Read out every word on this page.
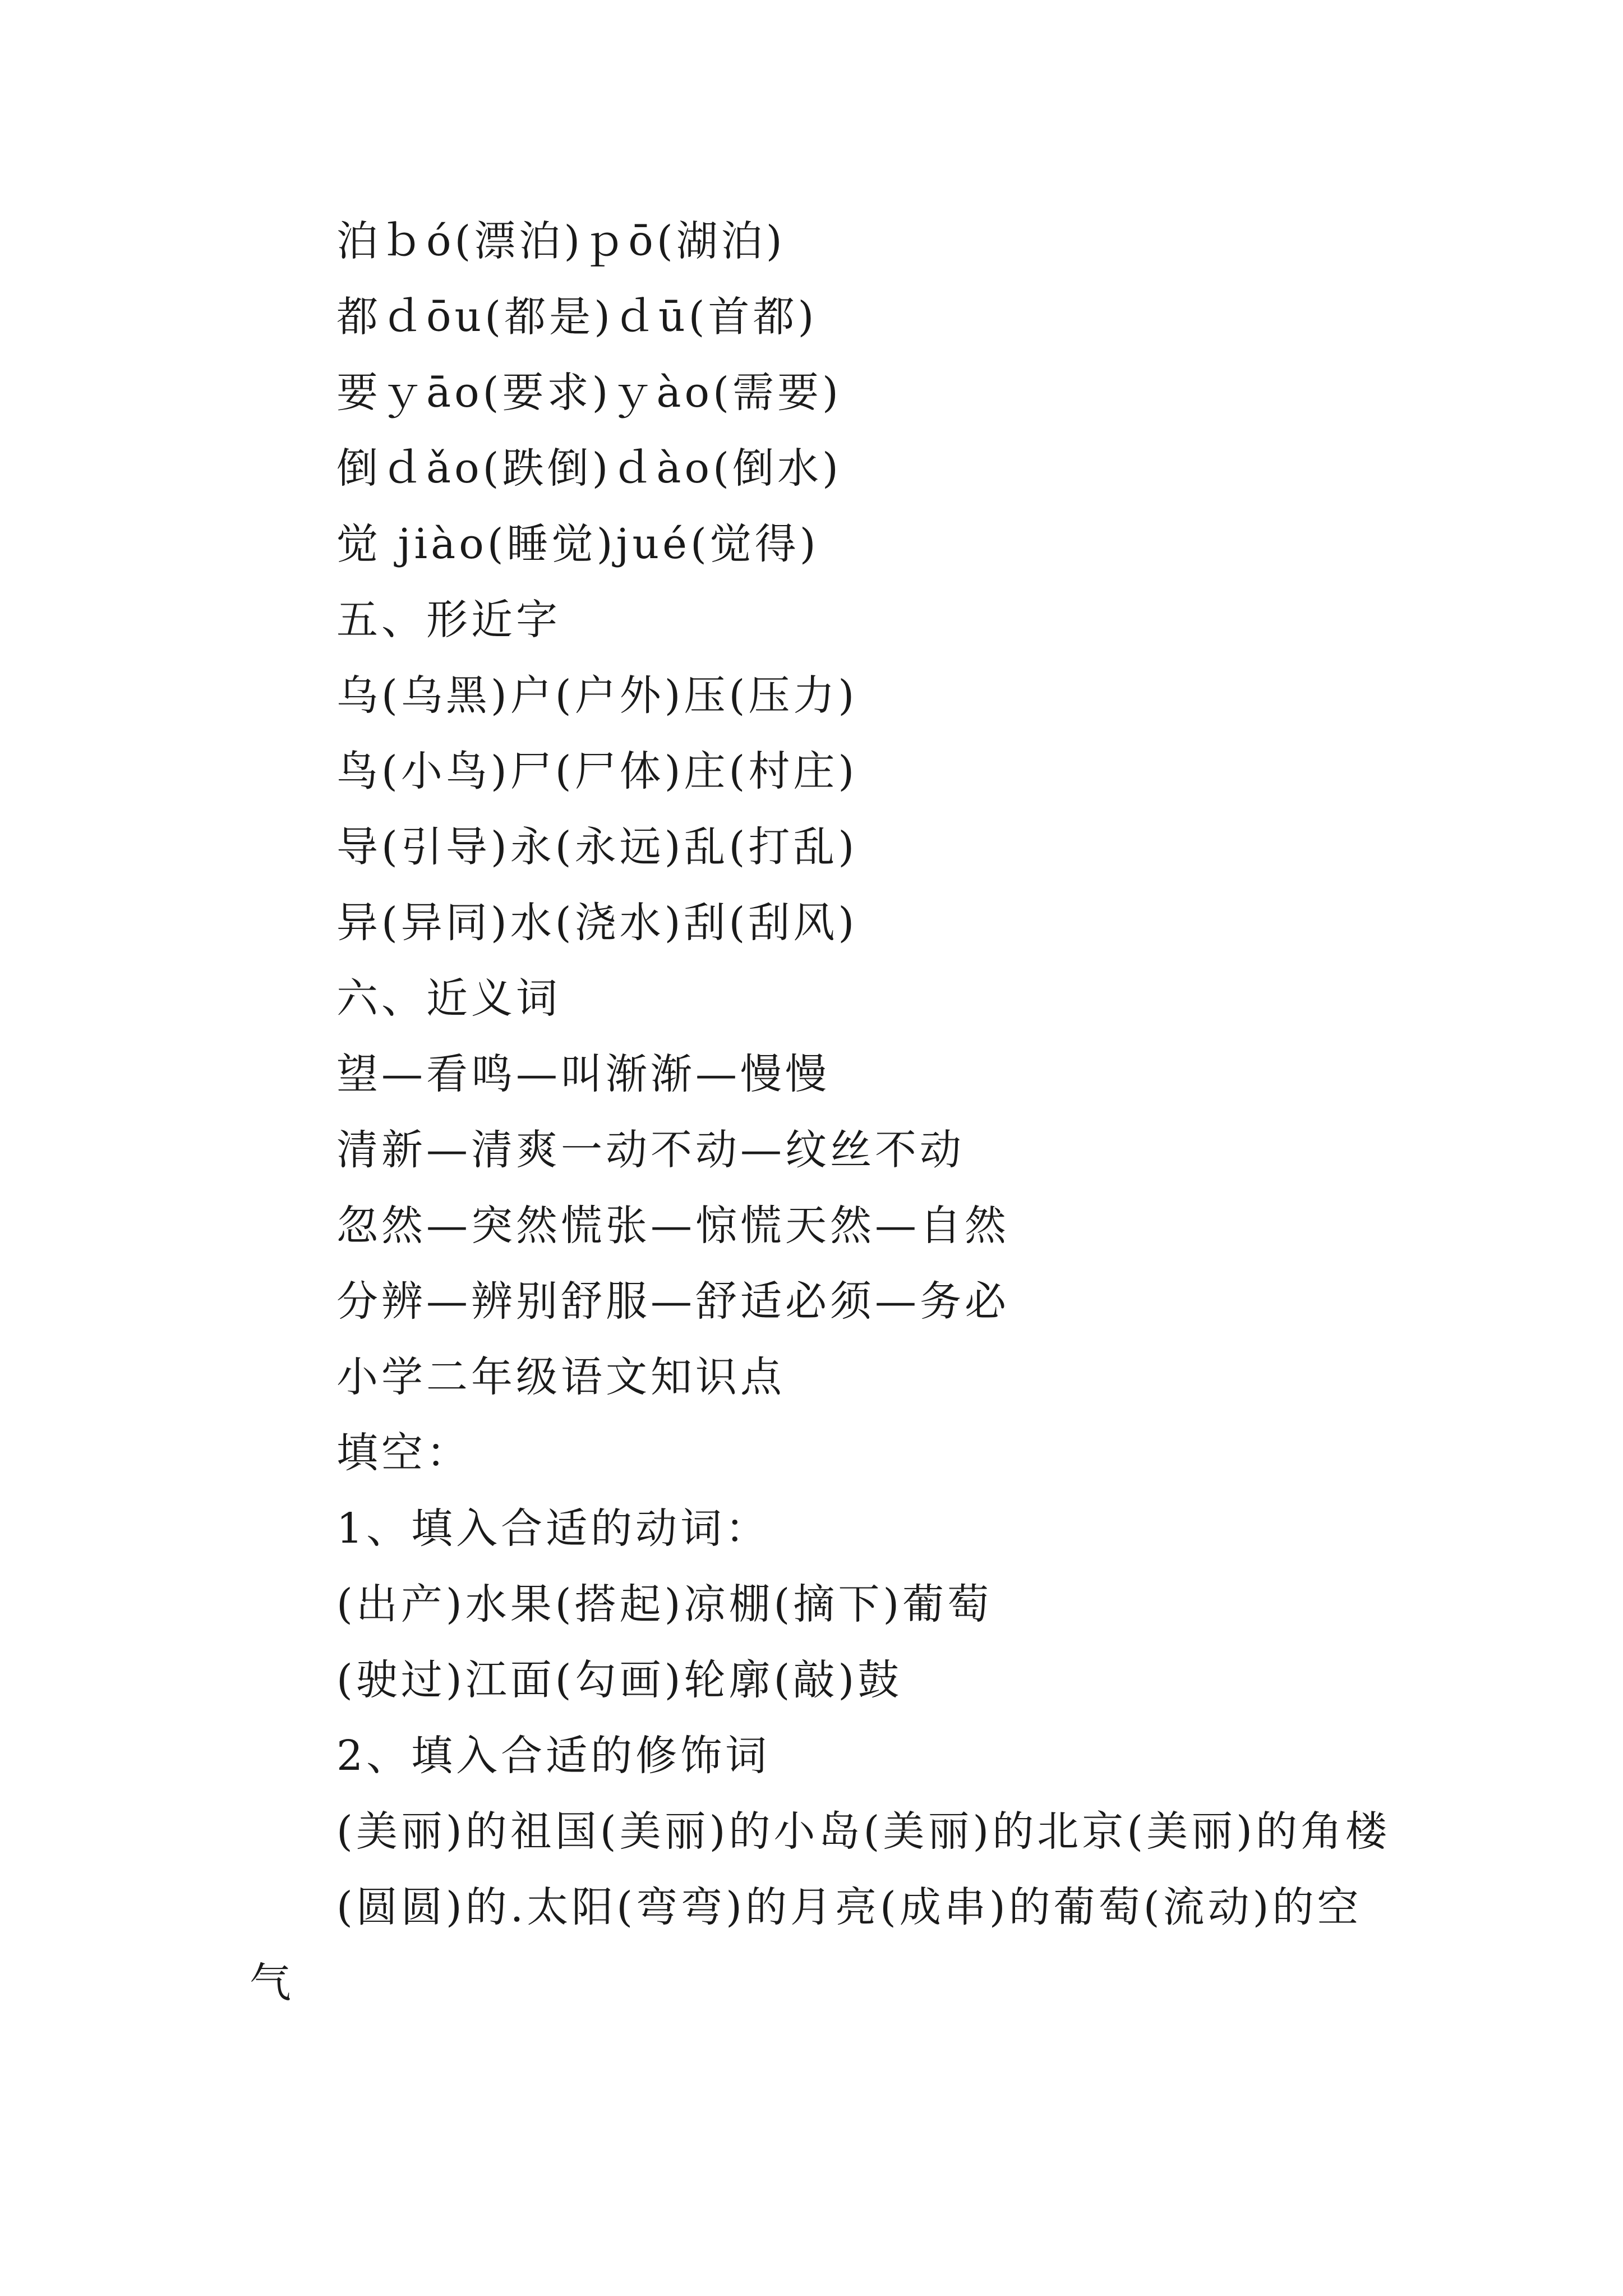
泊ｂó(漂泊)ｐō(湖泊)
都ｄōu(都是)ｄū(首都)
要ｙāo(要求)ｙào(需要)
倒ｄǎo(跌倒)ｄào(倒水)
觉 jiào(睡觉)jué(觉得)
五、形近字
乌(乌黑)户(户外)压(压力)
鸟(小鸟)尸(尸体)庄(村庄)
导(引导)永(永远)乱(打乱)
异(异同)水(浇水)刮(刮风)
六、近义词
望—看鸣—叫渐渐—慢慢
清新—清爽一动不动—纹丝不动
忽然—突然慌张—惊慌天然—自然
分辨—辨别舒服—舒适必须—务必
小学二年级语文知识点
填空：
1、填入合适的动词：
(出产)水果(搭起)凉棚(摘下)葡萄
(驶过)江面(勾画)轮廓(敲)鼓
2、填入合适的修饰词
(美丽)的祖国(美丽)的小岛(美丽)的北京(美丽)的角楼
(圆圆)的.太阳(弯弯)的月亮(成串)的葡萄(流动)的空
气
